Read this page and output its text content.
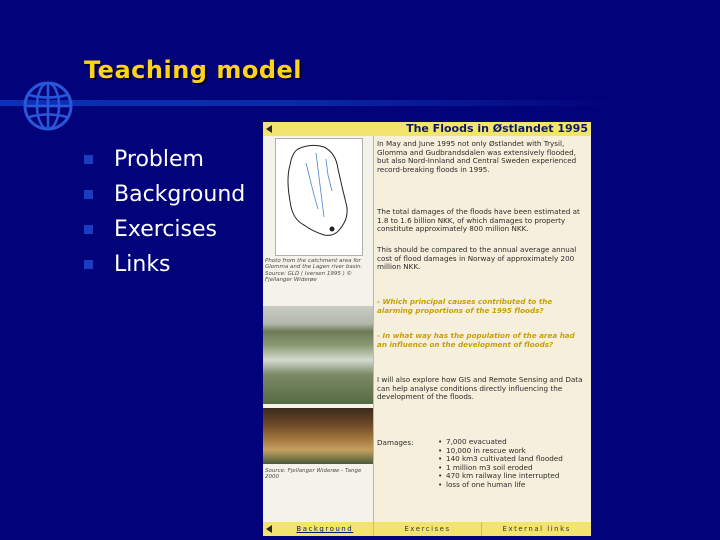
Teaching model
Problem
Background
Exercises
Links
The Floods in Østlandet 1995
Photo from the catchment area for Glomma and the Lagen river basin. Source: GLD ( Iversen 1995 ) © Fjellanger Widerøe
Source: Fjellanger Widerøe - Tange 2000
In May and June 1995 not only Østlandet with Trysil, Glomma and Gudbrandsdalen was extensively flooded, but also Nord-Innland and Central Sweden experienced record-breaking floods in 1995.
The total damages of the floods have been estimated at 1.8 to 1.6 billion NKK, of which damages to property constitute approximately 800 million NKK.
This should be compared to the annual average annual cost of flood damages in Norway of approximately 200 million NKK.
- Which principal causes contributed to the alarming proportions of the 1995 floods?
- In what way has the population of the area had an influence on the development of floods?
I will also explore how GIS and Remote Sensing and Data can help analyse conditions directly influencing the development of the floods.
Damages:	• 7,000 evacuated
• 10,000 in rescue work
• 140 km3 cultivated land flooded
• 1 million m3 soil eroded
• 470 km railway line interrupted
• loss of one human life
Background	Exercises	External links
